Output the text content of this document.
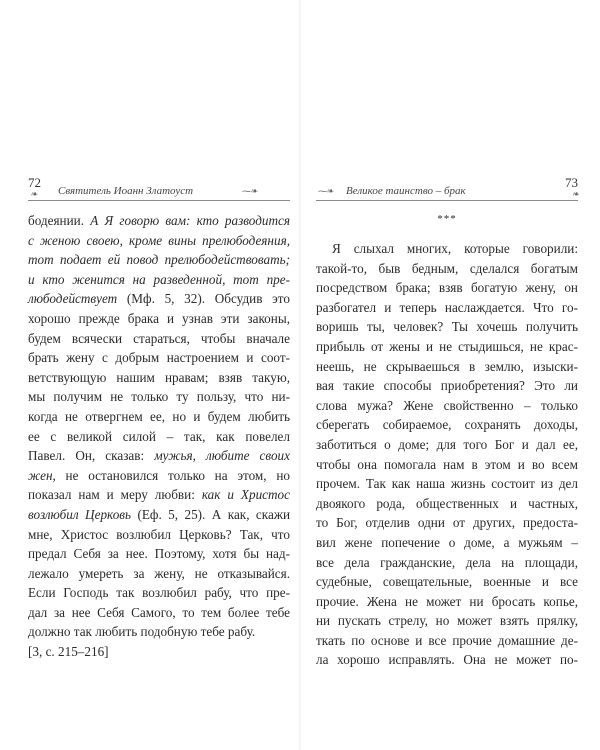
72
❧ Святитель Иоанн Златоуст	⁓❧
бодеянии. А Я говорю вам: кто разводится
с женою своею, кроме вины прелюбодеяния,
тот подает ей повод прелюбодействовать;
и кто женится на разведенной, тот пре-
любодействует (Мф. 5, 32). Обсудив это
хорошо прежде брака и узнав эти законы,
будем всячески стараться, чтобы вначале
брать жену с добрым настроением и соот-
ветствующую нашим нравам; взяв такую,
мы получим не только ту пользу, что ни-
когда не отвергнем ее, но и будем любить
ее с великой силой – так, как повелел
Павел. Он, сказав: мужья, любите своих
жен, не остановился только на этом, но
показал нам и меру любви: как и Христос
возлюбил Церковь (Еф. 5, 25). А как, скажи
мне, Христос возлюбил Церковь? Так, что
предал Себя за нее. Поэтому, хотя бы над-
лежало умереть за жену, не отказывайся.
Если Господь так возлюбил рабу, что пре-
дал за нее Себя Самого, то тем более тебе
должно так любить подобную тебе рабу.
[3, с. 215–216]
⁓❧ Великое таинство – брак
73
❧
***
Я слыхал многих, которые говорили:
такой-то, быв бедным, сделался богатым
посредством брака; взяв богатую жену, он
разбогател и теперь наслаждается. Что го-
воришь ты, человек? Ты хочешь получить
прибыль от жены и не стыдишься, не крас-
неешь, не скрываешься в землю, изыски-
вая такие способы приобретения? Это ли
слова мужа? Жене свойственно – только
сберегать собираемое, сохранять доходы,
заботиться о доме; для того Бог и дал ее,
чтобы она помогала нам в этом и во всем
прочем. Так как наша жизнь состоит из дел
двоякого рода, общественных и частных,
то Бог, отделив одни от других, предоста-
вил жене попечение о доме, а мужьям –
все дела гражданские, дела на площади,
судебные, совещательные, военные и все
прочие. Жена не может ни бросать копье,
ни пускать стрелу, но может взять прялку,
ткать по основе и все прочие домашние де-
ла хорошо исправлять. Она не может по-
